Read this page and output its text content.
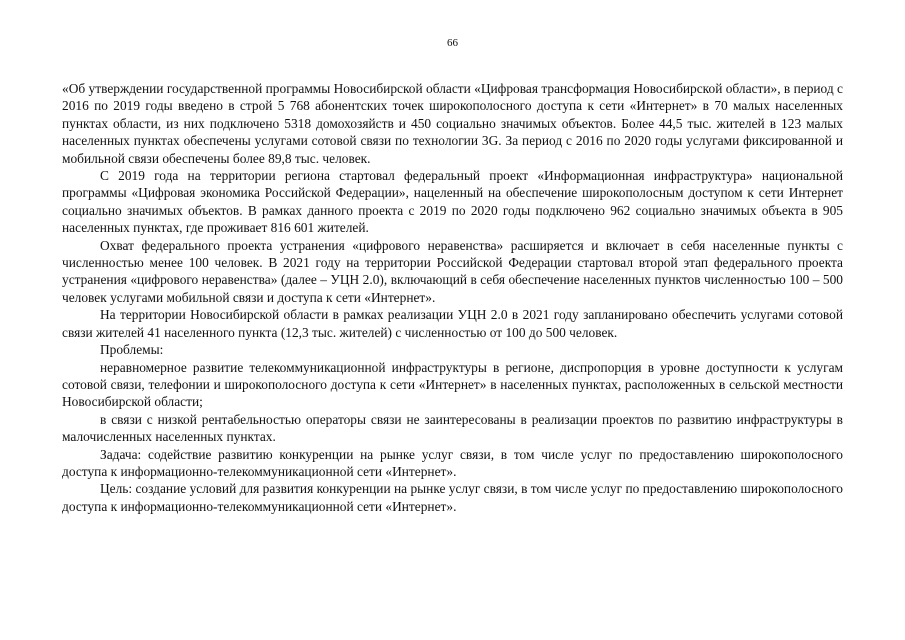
66

«Об утверждении государственной программы Новосибирской области «Цифровая трансформация Новосибирской области», в период с 2016 по 2019 годы введено в строй 5 768 абонентских точек широкополосного доступа к сети «Интернет» в 70 малых населенных пунктах области, из них подключено 5318 домохозяйств и 450 социально значимых объектов. Более 44,5 тыс. жителей в 123 малых населенных пунктах обеспечены услугами сотовой связи по технологии 3G. За период с 2016 по 2020 годы услугами фиксированной и мобильной связи обеспечены более 89,8 тыс. человек.

С 2019 года на территории региона стартовал федеральный проект «Информационная инфраструктура» национальной программы «Цифровая экономика Российской Федерации», нацеленный на обеспечение широкополосным доступом к сети Интернет социально значимых объектов. В рамках данного проекта с 2019 по 2020 годы подключено 962 социально значимых объекта в 905 населенных пунктах, где проживает 816 601 жителей.

Охват федерального проекта устранения «цифрового неравенства» расширяется и включает в себя населенные пункты с численностью менее 100 человек. В 2021 году на территории Российской Федерации стартовал второй этап федерального проекта устранения «цифрового неравенства» (далее – УЦН 2.0), включающий в себя обеспечение населенных пунктов численностью 100 – 500 человек услугами мобильной связи и доступа к сети «Интернет».

На территории Новосибирской области в рамках реализации УЦН 2.0 в 2021 году запланировано обеспечить услугами сотовой связи жителей 41 населенного пункта (12,3 тыс. жителей) с численностью от 100 до 500 человек.

Проблемы:

неравномерное развитие телекоммуникационной инфраструктуры в регионе, диспропорция в уровне доступности к услугам сотовой связи, телефонии и широкополосного доступа к сети «Интернет» в населенных пунктах, расположенных в сельской местности Новосибирской области;

в связи с низкой рентабельностью операторы связи не заинтересованы в реализации проектов по развитию инфраструктуры в малочисленных населенных пунктах.

Задача: содействие развитию конкуренции на рынке услуг связи, в том числе услуг по предоставлению широкополосного доступа к информационно-телекоммуникационной сети «Интернет».

Цель: создание условий для развития конкуренции на рынке услуг связи, в том числе услуг по предоставлению широкополосного доступа к информационно-телекоммуникационной сети «Интернет».
